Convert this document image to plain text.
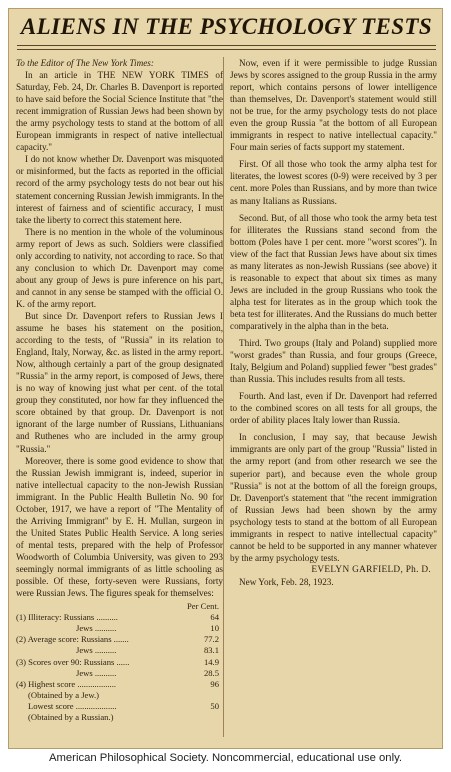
ALIENS IN THE PSYCHOLOGY TESTS

To the Editor of The New York Times:

In an article in THE NEW YORK TIMES of Saturday, Feb. 24, Dr. Charles B. Davenport is reported to have said before the Social Science Institute that "the recent immigration of Russian Jews had been shown by the army psychology tests to stand at the bottom of all European immigrants in respect of native intellectual capacity."

I do not know whether Dr. Davenport was misquoted or misinformed, but the facts as reported in the official record of the army psychology tests do not bear out his statement concerning Russian Jewish immigrants. In the interest of fairness and of scientific accuracy, I must take the liberty to correct this statement here.

There is no mention in the whole of the voluminous army report of Jews as such. Soldiers were classified only according to nativity, not according to race. So that any conclusion to which Dr. Davenport may come about any group of Jews is pure inference on his part, and cannot in any sense be stamped with the official O. K. of the army report.

But since Dr. Davenport refers to Russian Jews I assume he bases his statement on the position, according to the tests, of "Russia" in its relation to England, Italy, Norway, &c. as listed in the army report. Now, although certainly a part of the group designated "Russia" in the army report, is composed of Jews, there is no way of knowing just what per cent. of the total group they constituted, nor how far they influenced the score obtained by that group. Dr. Davenport is not ignorant of the large number of Russians, Lithuanians and Ruthenes who are included in the army group "Russia."

Moreover, there is some good evidence to show that the Russian Jewish immigrant is, indeed, superior in native intellectual capacity to the non-Jewish Russian immigrant. In the Public Health Bulletin No. 90 for October, 1917, we have a report of "The Mentality of the Arriving Immigrant" by E. H. Mullan, surgeon in the United States Public Health Service. A long series of mental tests, prepared with the help of Professor Woodworth of Columbia University, was given to 293 seemingly normal immigrants of as little schooling as possible. Of these, forty-seven were Russians, forty were Russian Jews. The figures speak for themselves:

Per Cent.
(1) Illiteracy: Russians ..........	64
Jews ..........	10
(2) Average score: Russians .......	77.2
Jews ..........	83.1
(3) Scores over 90: Russians ......	14.9
Jews ..........	28.5
(4) Highest score ..................	96
(Obtained by a Jew.)
Lowest score ...................	50
(Obtained by a Russian.)

Now, even if it were permissible to judge Russian Jews by scores assigned to the group Russia in the army report, which contains persons of lower intelligence than themselves, Dr. Davenport's statement would still not be true, for the army psychology tests do not place even the group Russia "at the bottom of all European immigrants in respect to native intellectual capacity." Four main series of facts support my statement.

First. Of all those who took the army alpha test for literates, the lowest scores (0-9) were received by 3 per cent. more Poles than Russians, and by more than twice as many Italians as Russians.

Second. But, of all those who took the army beta test for illiterates the Russians stand second from the bottom (Poles have 1 per cent. more "worst scores"). In view of the fact that Russian Jews have about six times as many literates as non-Jewish Russians (see above) it is reasonable to expect that about six times as many Jews are included in the group Russians who took the alpha test for literates as in the group which took the beta test for illiterates. And the Russians do much better comparatively in the alpha than in the beta.

Third. Two groups (Italy and Poland) supplied more "worst grades" than Russia, and four groups (Greece, Italy, Belgium and Poland) supplied fewer "best grades" than Russia. This includes results from all tests.

Fourth. And last, even if Dr. Davenport had referred to the combined scores on all tests for all groups, the order of ability places Italy lower than Russia.

In conclusion, I may say, that because Jewish immigrants are only part of the group "Russia" listed in the army report (and from other research we see the superior part), and because even the whole group "Russia" is not at the bottom of all the foreign groups, Dr. Davenport's statement that "the recent immigration of Russian Jews had been shown by the army psychology tests to stand at the bottom of all European immigrants in respect to native intellectual capacity" cannot be held to be supported in any manner whatever by the army psychology tests.

EVELYN GARFIELD, Ph. D.

New York, Feb. 28, 1923.

American Philosophical Society. Noncommercial, educational use only.
